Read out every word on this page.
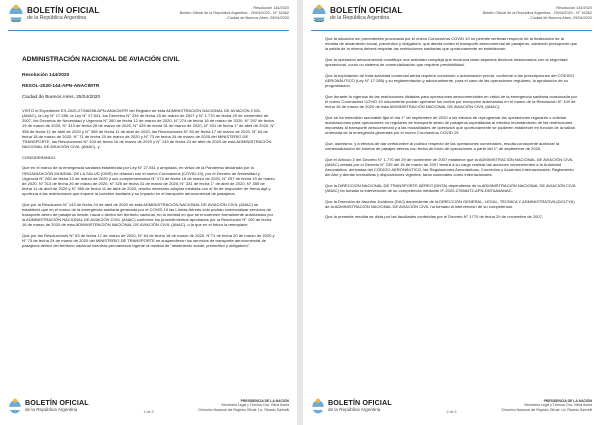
BOLETÍN OFICIAL
de la República Argentina
Resolución 144/2020
Boletín Oficial de la República Argentina - 29/04/2020 - N° 34362 - Ciudad de Buenos Aires, 29/04/2020
ADMINISTRACIÓN NACIONAL DE AVIACIÓN CIVIL
Resolución 144/2020
RESOL-2020-144-APN-ANACIMTR
Ciudad de Buenos Aires, 25/04/2020

VISTO el Expediente EX-2020-27346258-APN-ANACIMTR del Registro de esta ADMINISTRACIÓN NACIONAL DE AVIACIÓN CIVIL (ANAC), la Ley N° 17.285, la Ley N° 27.541, los Decretos N° 239 de fecha 15 de marzo de 2007 y N° 1.770 de fecha 29 de noviembre de 2007, los Decretos de Necesidad y Urgencia N° 260 de fecha 12 de marzo de 2020, N° 274 de fecha 16 de marzo de 2020, N° 297 de fecha 19 de marzo de 2020, N° 313 de fecha 26 de marzo de 2020, N° 325 de fecha 31 de marzo de 2020, N° 331 de fecha 1° de abril de 2020, N° 355 de fecha 11 de abril de 2020 y N° 365 de fecha 11 de abril de 2020, las Resoluciones N° 63 de fecha 17 de marzo de 2020, N° 64 de fecha 18 de marzo de 2020, N° 71 de fecha 20 de marzo de 2020 y N° 73 de fecha 24 de marzo de 2020 del MINISTERIO DE TRANSPORTE, las Resoluciones N° 100 de fecha 16 de marzo de 2020 y N° 143 de fecha 24 de abril de 2020 de esta ADMINISTRACIÓN NACIONAL DE AVIACIÓN CIVIL (ANAC), y

CONSIDERANDO:

Que en el marco de la emergencia sanitaria establecida por Ley N° 27.541 y ampliada, en virtud de la Pandemia declarada por la ORGANIZACIÓN MUNDIAL DE LA SALUD (OMS) en relación con el nuevo Coronavirus (COVID-19), por el Decreto de Necesidad y Urgencia N° 260 de fecha 12 de marzo de 2020 y sus complementarios N° 274 de fecha 16 de marzo de 2020, N° 297 de fecha 19 de marzo de 2020, N° 313 de fecha 26 de marzo de 2020, N° 325 de fecha 31 de marzo de 2020, N° 331 de fecha 1° de abril de 2020, N° 355 de fecha 11 de abril de 2020 y N° 365 de fecha 11 de abril de 2020, resulta necesario adoptar medidas con el fin de responder de forma ágil y oportuna a las restricciones que impone la cuestión sanitaria y su impacto en el transporte aerocomercial de pasajeros.

Que por la Resolución N° 143 de fecha 24 de abril de 2020 de esta ADMINISTRACIÓN NACIONAL DE AVIACIÓN CIVIL (ANAC) se estableció que en el marco de la emergencia sanitaria generada por el COVID 19 las Líneas Aéreas sólo podrán comercializar servicios de transporte aéreo de pasajeros desde, hacia o dentro del territorio nacional, en la medida en que se encuentren formalmente autorizados por la ADMINISTRACIÓN NACIONAL DE AVIACIÓN CIVIL (ANAC) conforme los procedimientos aprobados por la Resolución N° 100 de fecha 16 de marzo de 2020 de esta ADMINISTRACIÓN NACIONAL DE AVIACIÓN CIVIL (ANAC), o la que en el futuro la reemplace.

Que por las Resoluciones N° 63 de fecha 17 de marzo de 2020, N° 64 de fecha 18 de marzo de 2020, N°71 de fecha 20 de marzo de 2020 y N° 73 de fecha 24 de marzo de 2020 del MINISTERIO DE TRANSPORTE se suspendieron los servicios de transporte aerocomercial de pasajeros dentro del territorio nacional mientras permanezca vigente la medida de "aislamiento social, preventivo y obligatorio".

1 de 3
BOLETÍN OFICIAL
de la República Argentina
PRESIDENCIA DE LA NACIÓN
Secretaría Legal y Técnica: Dra. Vilma Ibarra
Dirección Nacional del Registro Oficial: Lic. Ricardo Sarinelli
BOLETÍN OFICIAL
de la República Argentina
Resolución 144/2020
Boletín Oficial de la República Argentina - 29/04/2020 - N° 34362 - Ciudad de Buenos Aires, 29/04/2020

Que la situación sin precedentes provocada por el nuevo Coronavirus COVID 19 no permite certezas respecto de la finalización de la medida de aislamiento social, preventivo y obligatorio, que atenta contra el transporte aerocomercial de pasajeros, cabiendo presuponer que la salida de la misma deberá respetar las restricciones sanitarias que oportunamente se establezcan.

Que la operación aerocomercial constituye una actividad compleja que involucra tanto aspectos técnicos relacionados con la seguridad operacional, como un sistema de comercialización que requiere previsibilidad.

Que la explotación de toda actividad comercial aérea requiere concesión o autorización previa, conforme a las prescripciones del CÓDIGO AERONÁUTICO (Ley N° 17.285) y su reglamentación y adicionalmente, para el caso de las operaciones regulares, la aprobación de su programación.

Que durante la vigencia de las restricciones dictadas para operaciones aerocomerciales en virtud de la emergencia sanitaria ocasionada por el nuevo Coronavirus COVID 19 únicamente podrán operarse los vuelos por excepción autorizados en el marco de la Resolución N° 100 de fecha 16 de marzo de 2020 de esta ADMINISTRACIÓN NACIONAL DE AVIACIÓN CIVIL (ANAC).

Que se ha entendido razonable fijar el día 1° de septiembre de 2020 a los efectos de reprogramar las operaciones regulares o solicitar autorizaciones para operaciones no regulares de transporte aéreo de pasajeros supeditadas al efectivo levantamiento de las restricciones impuestas al transporte aerocomercial y a las modalidades de operación que oportunamente se pudieren establecer en función de la salida ordenada de la emergencia generada por el nuevo Coronavirus COVID 19.

Que, asimismo, y a efectos de dar certidumbre al público respecto de las operaciones comerciales, resulta conducente autorizar la comercialización de boletos de pasajes aéreos con fecha de inicio de operaciones a partir del 1° de septiembre de 2020.

Que el Artículo 2 del Decreto N° 1.770 del 29 de noviembre de 2007 establece que la ADMINISTRACIÓN NACIONAL DE AVIACIÓN CIVIL (ANAC) creada por el Decreto N° 239 del 15 de marzo de 2007 tendrá a su cargo realizar las acciones concernientes a la Autoridad Aeronáutica, derivadas del CÓDIGO AERONÁUTICO, las Regulaciones Aeronáuticas, Convenios y Acuerdos Internacionales, Reglamento del Aire y demás normativas y disposiciones vigentes, tanto nacionales como internacionales.

Que la DIRECCIÓN NACIONAL DE TRANSPORTE AÉREO (DNTA) dependiente de la ADMINISTRACIÓN NACIONAL DE AVIACIÓN CIVIL (ANAC) ha tomado la intervención de su competencia mediante IF-2020-27658472-APN-DNTAA#ANAC.

Que la Dirección de Asuntos Jurídicos (DAJ) dependiente de la DIRECCIÓN GENERAL, LEGAL, TÉCNICA Y ADMINISTRATIVA (DGLTYA) de la ADMINISTRACIÓN NACIONAL DE AVIACIÓN CIVIL ha tomado la intervención de su competencia.

Que la presente medida se dicta por las facultades conferidas por el Decreto N° 1770 de fecha 29 de noviembre de 2007.

2 de 3
BOLETÍN OFICIAL
de la República Argentina
PRESIDENCIA DE LA NACIÓN
Secretaría Legal y Técnica: Dra. Vilma Ibarra
Dirección Nacional del Registro Oficial: Lic. Ricardo Sarinelli
